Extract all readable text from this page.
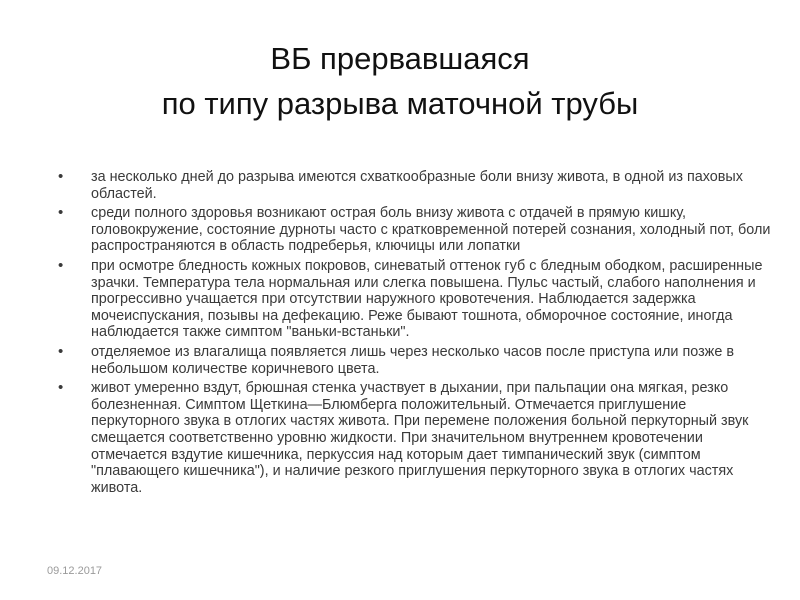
ВБ прервавшаяся
по типу разрыва маточной трубы
• за несколько дней до разрыва имеются схваткообразные боли внизу живота, в одной из паховых областей.
• среди полного здоровья возникают острая боль внизу живота с отдачей в прямую кишку, головокружение, состояние дурноты часто с кратковременной потерей сознания, холодный пот, боли распространяются в область подреберья, ключицы или лопатки
• при осмотре бледность кожных покровов, синеватый оттенок губ с бледным ободком, расширенные зрачки. Температура тела нормальная или слегка повышена. Пульс частый, слабого наполнения и прогрессивно учащается при отсутствии наружного кровотечения. Наблюдается задержка мочеиспускания, позывы на дефекацию. Реже бывают тошнота, обморочное состояние, иногда наблюдается также симптом "ваньки-встаньки".
• отделяемое из влагалища появляется лишь через несколько часов после приступа или позже в небольшом количестве коричневого цвета.
• живот умеренно вздут, брюшная стенка участвует в дыхании, при пальпации она мягкая, резко болезненная. Симптом Щеткина—Блюмберга положительный. Отмечается приглушение перкуторного звука в отлогих частях живота. При перемене положения больной перкуторный звук смещается соответственно уровню жидкости. При значительном внутреннем кровотечении отмечается вздутие кишечника, перкуссия над которым дает тимпанический звук (симптом "плавающего кишечника"), и наличие резкого приглушения перкуторного звука в отлогих частях живота.
09.12.2017
